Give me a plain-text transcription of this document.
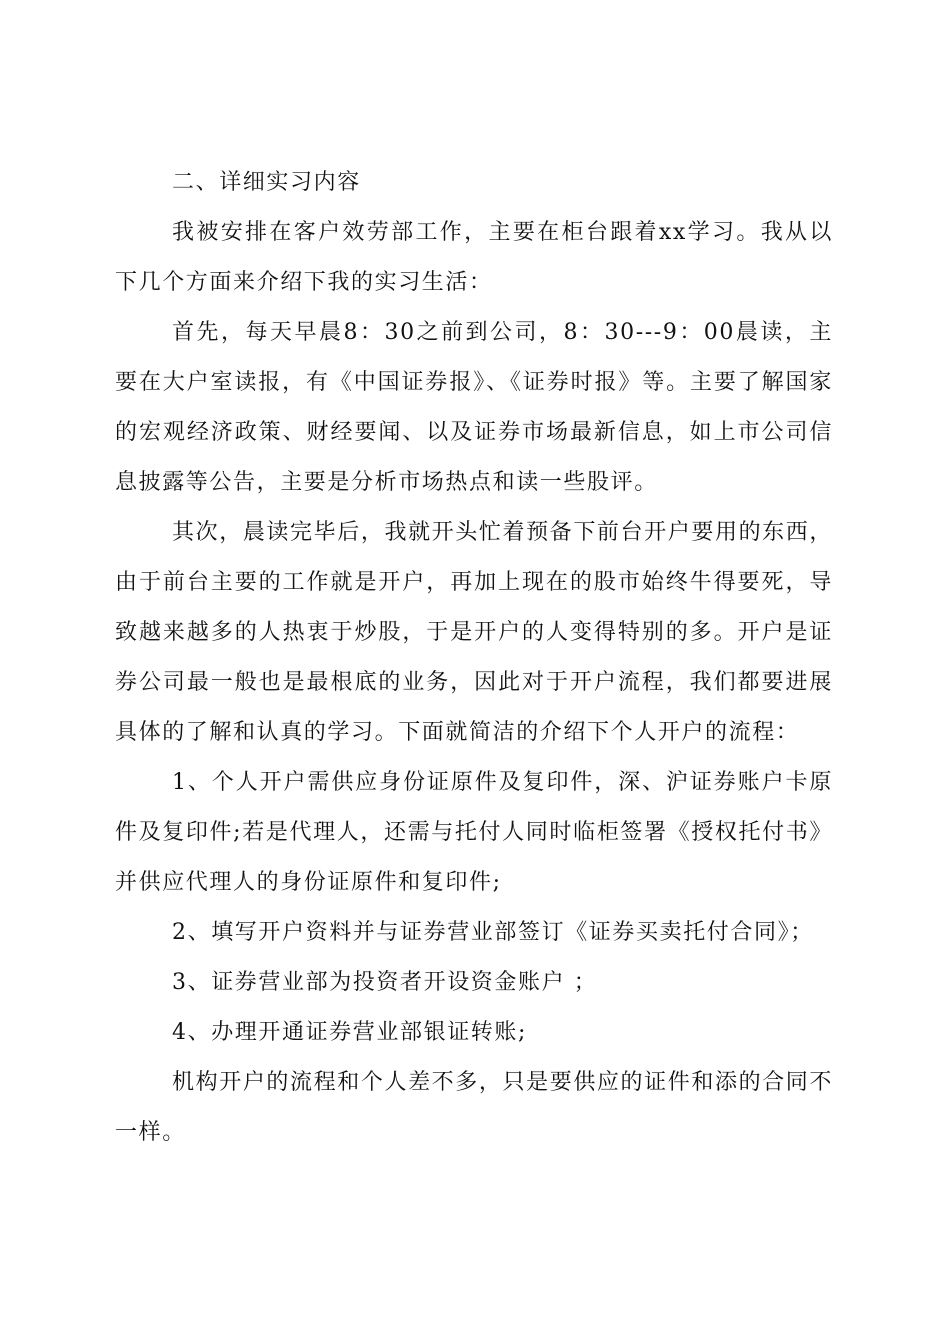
二、详细实习内容

我被安排在客户效劳部工作，主要在柜台跟着xx学习。我从以下几个方面来介绍下我的实习生活：

首先，每天早晨8：30之前到公司，8：30---9：00晨读，主要在大户室读报，有《中国证券报》、《证券时报》等。主要了解国家的宏观经济政策、财经要闻、以及证券市场最新信息，如上市公司信息披露等公告，主要是分析市场热点和读一些股评。

其次，晨读完毕后，我就开头忙着预备下前台开户要用的东西，由于前台主要的工作就是开户，再加上现在的股市始终牛得要死，导致越来越多的人热衷于炒股，于是开户的人变得特别的多。开户是证券公司最一般也是最根底的业务，因此对于开户流程，我们都要进展具体的了解和认真的学习。下面就简洁的介绍下个人开户的流程：

1、个人开户需供应身份证原件及复印件，深、沪证券账户卡原件及复印件;若是代理人，还需与托付人同时临柜签署《授权托付书》并供应代理人的身份证原件和复印件;

2、填写开户资料并与证券营业部签订《证券买卖托付合同》；

3、证券营业部为投资者开设资金账户 ；

4、办理开通证券营业部银证转账;

机构开户的流程和个人差不多，只是要供应的证件和添的合同不一样。
